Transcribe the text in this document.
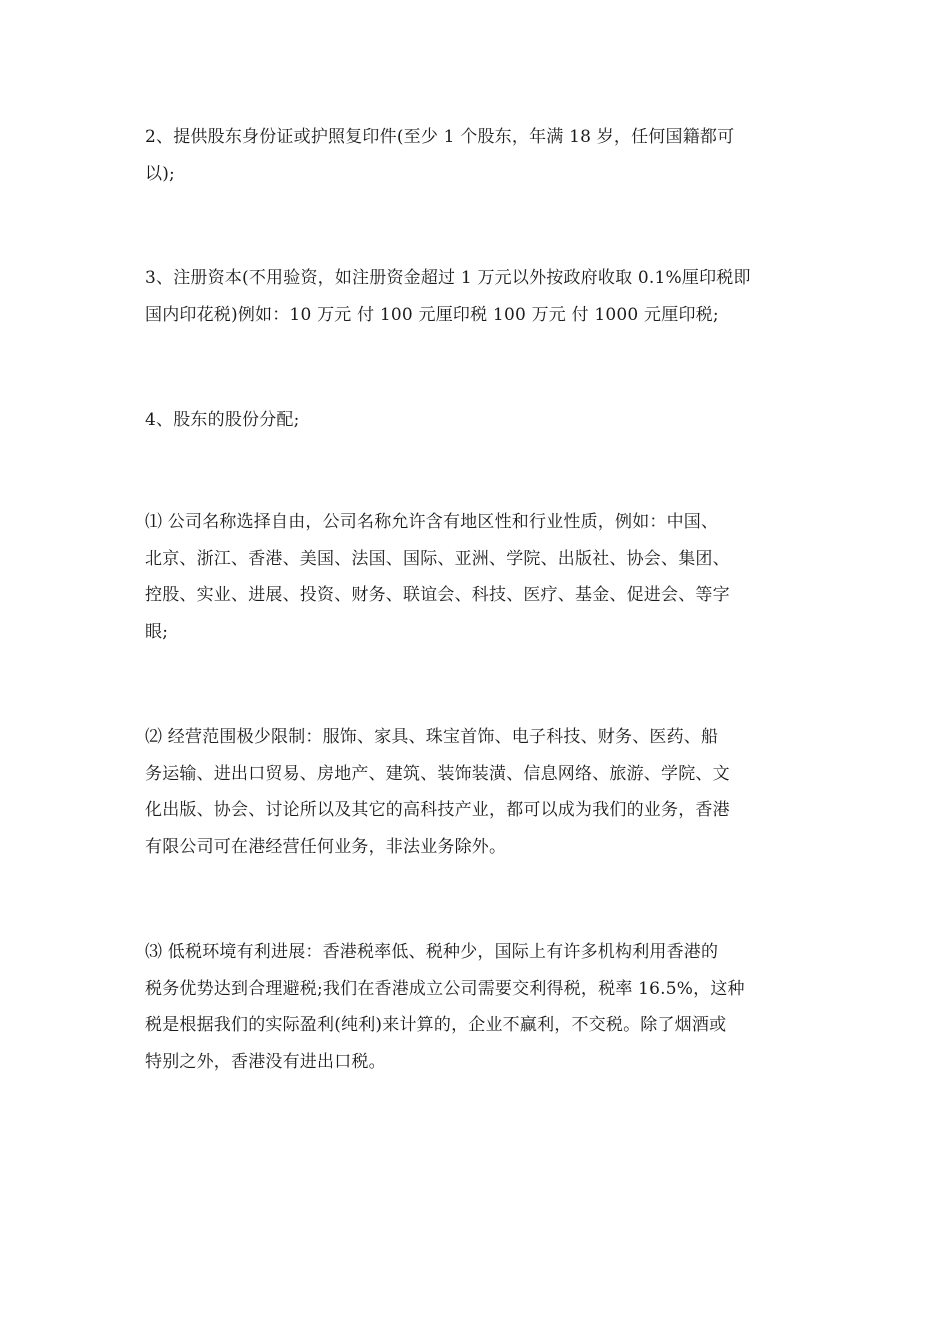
2、提供股东身份证或护照复印件(至少 1 个股东，年满 18 岁，任何国籍都可
以);
3、注册资本(不用验资，如注册资金超过 1 万元以外按政府收取 0.1%厘印税即
国内印花税)例如：10 万元 付 100 元厘印税 100 万元 付 1000 元厘印税;
4、股东的股份分配;
⑴ 公司名称选择自由，公司名称允许含有地区性和行业性质，例如：中国、
北京、浙江、香港、美国、法国、国际、亚洲、学院、出版社、协会、集团、
控股、实业、进展、投资、财务、联谊会、科技、医疗、基金、促进会、等字
眼;
⑵ 经营范围极少限制：服饰、家具、珠宝首饰、电子科技、财务、医药、船
务运输、进出口贸易、房地产、建筑、装饰装潢、信息网络、旅游、学院、文
化出版、协会、讨论所以及其它的高科技产业，都可以成为我们的业务，香港
有限公司可在港经营任何业务，非法业务除外。
⑶ 低税环境有利进展：香港税率低、税种少，国际上有许多机构利用香港的
税务优势达到合理避税;我们在香港成立公司需要交利得税，税率 16.5%，这种
税是根据我们的实际盈利(纯利)来计算的，企业不赢利，不交税。除了烟酒或
特别之外，香港没有进出口税。
